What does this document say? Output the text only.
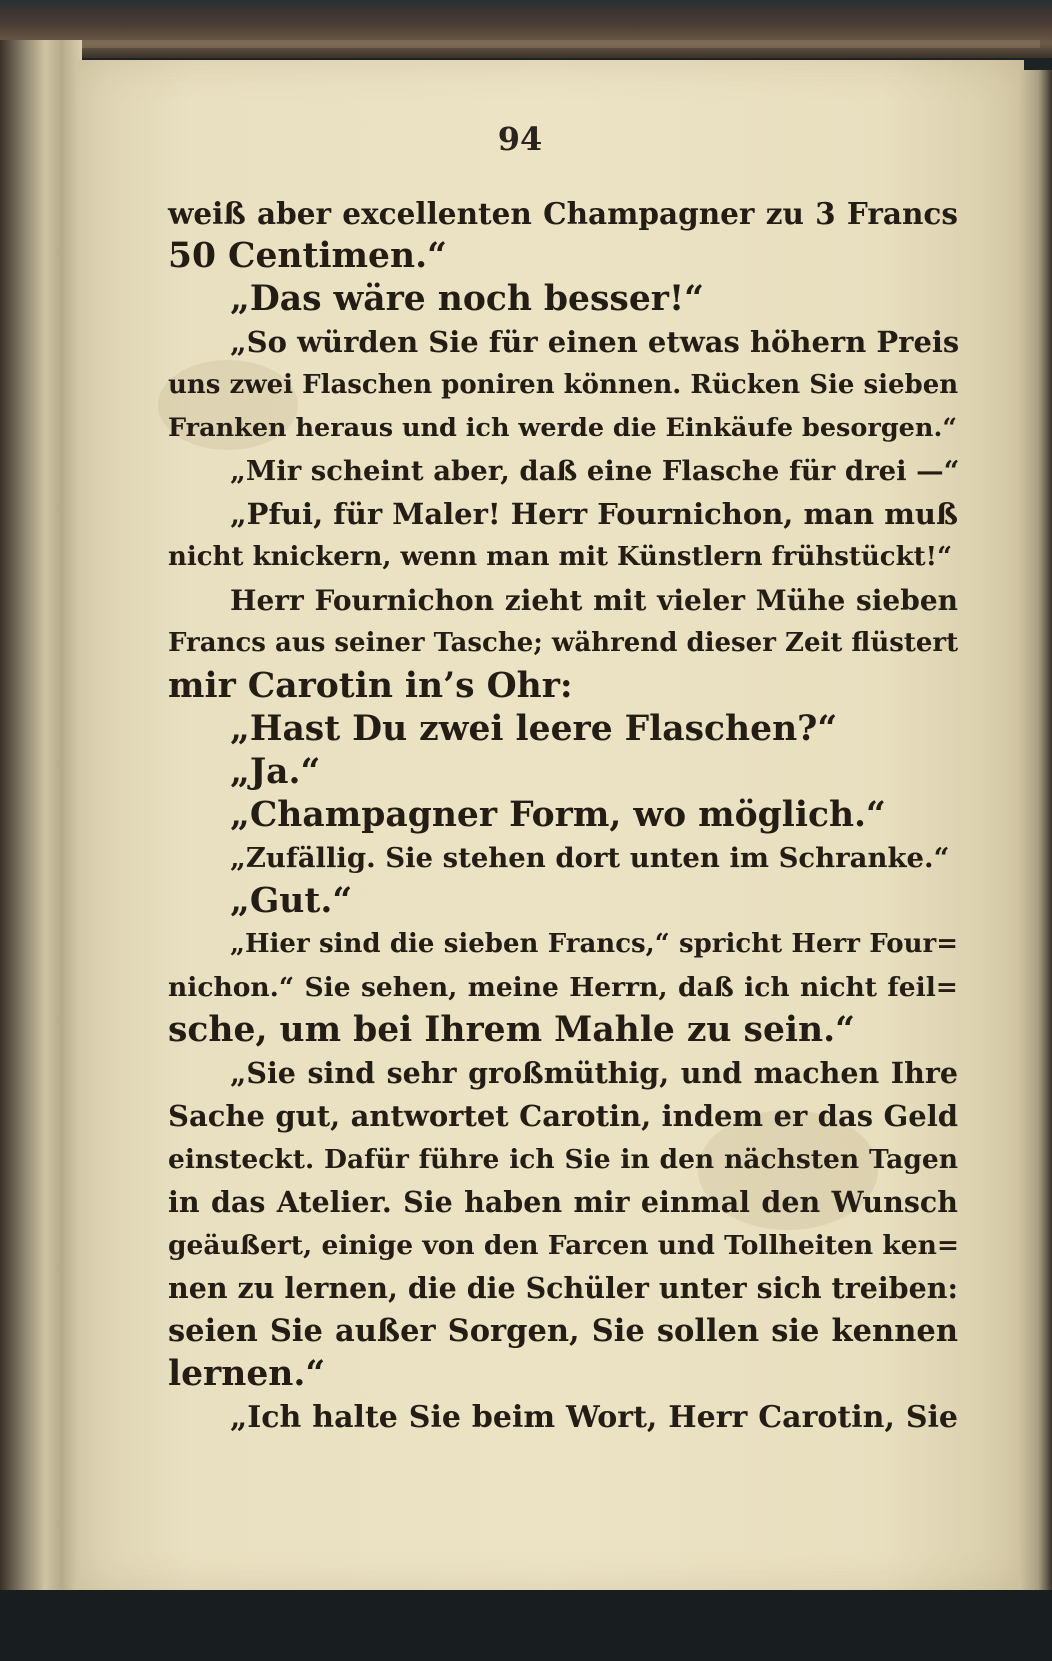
94
weiß aber excellenten Champagner zu 3 Francs
50 Centimen.“
„Das wäre noch besser!“
„So würden Sie für einen etwas höhern Preis
uns zwei Flaschen poniren können. Rücken Sie sieben
Franken heraus und ich werde die Einkäufe besorgen.“
„Mir scheint aber, daß eine Flasche für drei —“
„Pfui, für Maler! Herr Fournichon, man muß
nicht knickern, wenn man mit Künstlern frühstückt!“
Herr Fournichon zieht mit vieler Mühe sieben
Francs aus seiner Tasche; während dieser Zeit flüstert
mir Carotin in’s Ohr:
„Hast Du zwei leere Flaschen?“
„Ja.“
„Champagner Form, wo möglich.“
„Zufällig. Sie stehen dort unten im Schranke.“
„Gut.“
„Hier sind die sieben Francs,“ spricht Herr Four=
nichon.“ Sie sehen, meine Herrn, daß ich nicht feil=
sche, um bei Ihrem Mahle zu sein.“
„Sie sind sehr großmüthig, und machen Ihre
Sache gut, antwortet Carotin, indem er das Geld
einsteckt. Dafür führe ich Sie in den nächsten Tagen
in das Atelier. Sie haben mir einmal den Wunsch
geäußert, einige von den Farcen und Tollheiten ken=
nen zu lernen, die die Schüler unter sich treiben:
seien Sie außer Sorgen, Sie sollen sie kennen
lernen.“
„Ich halte Sie beim Wort, Herr Carotin, Sie
